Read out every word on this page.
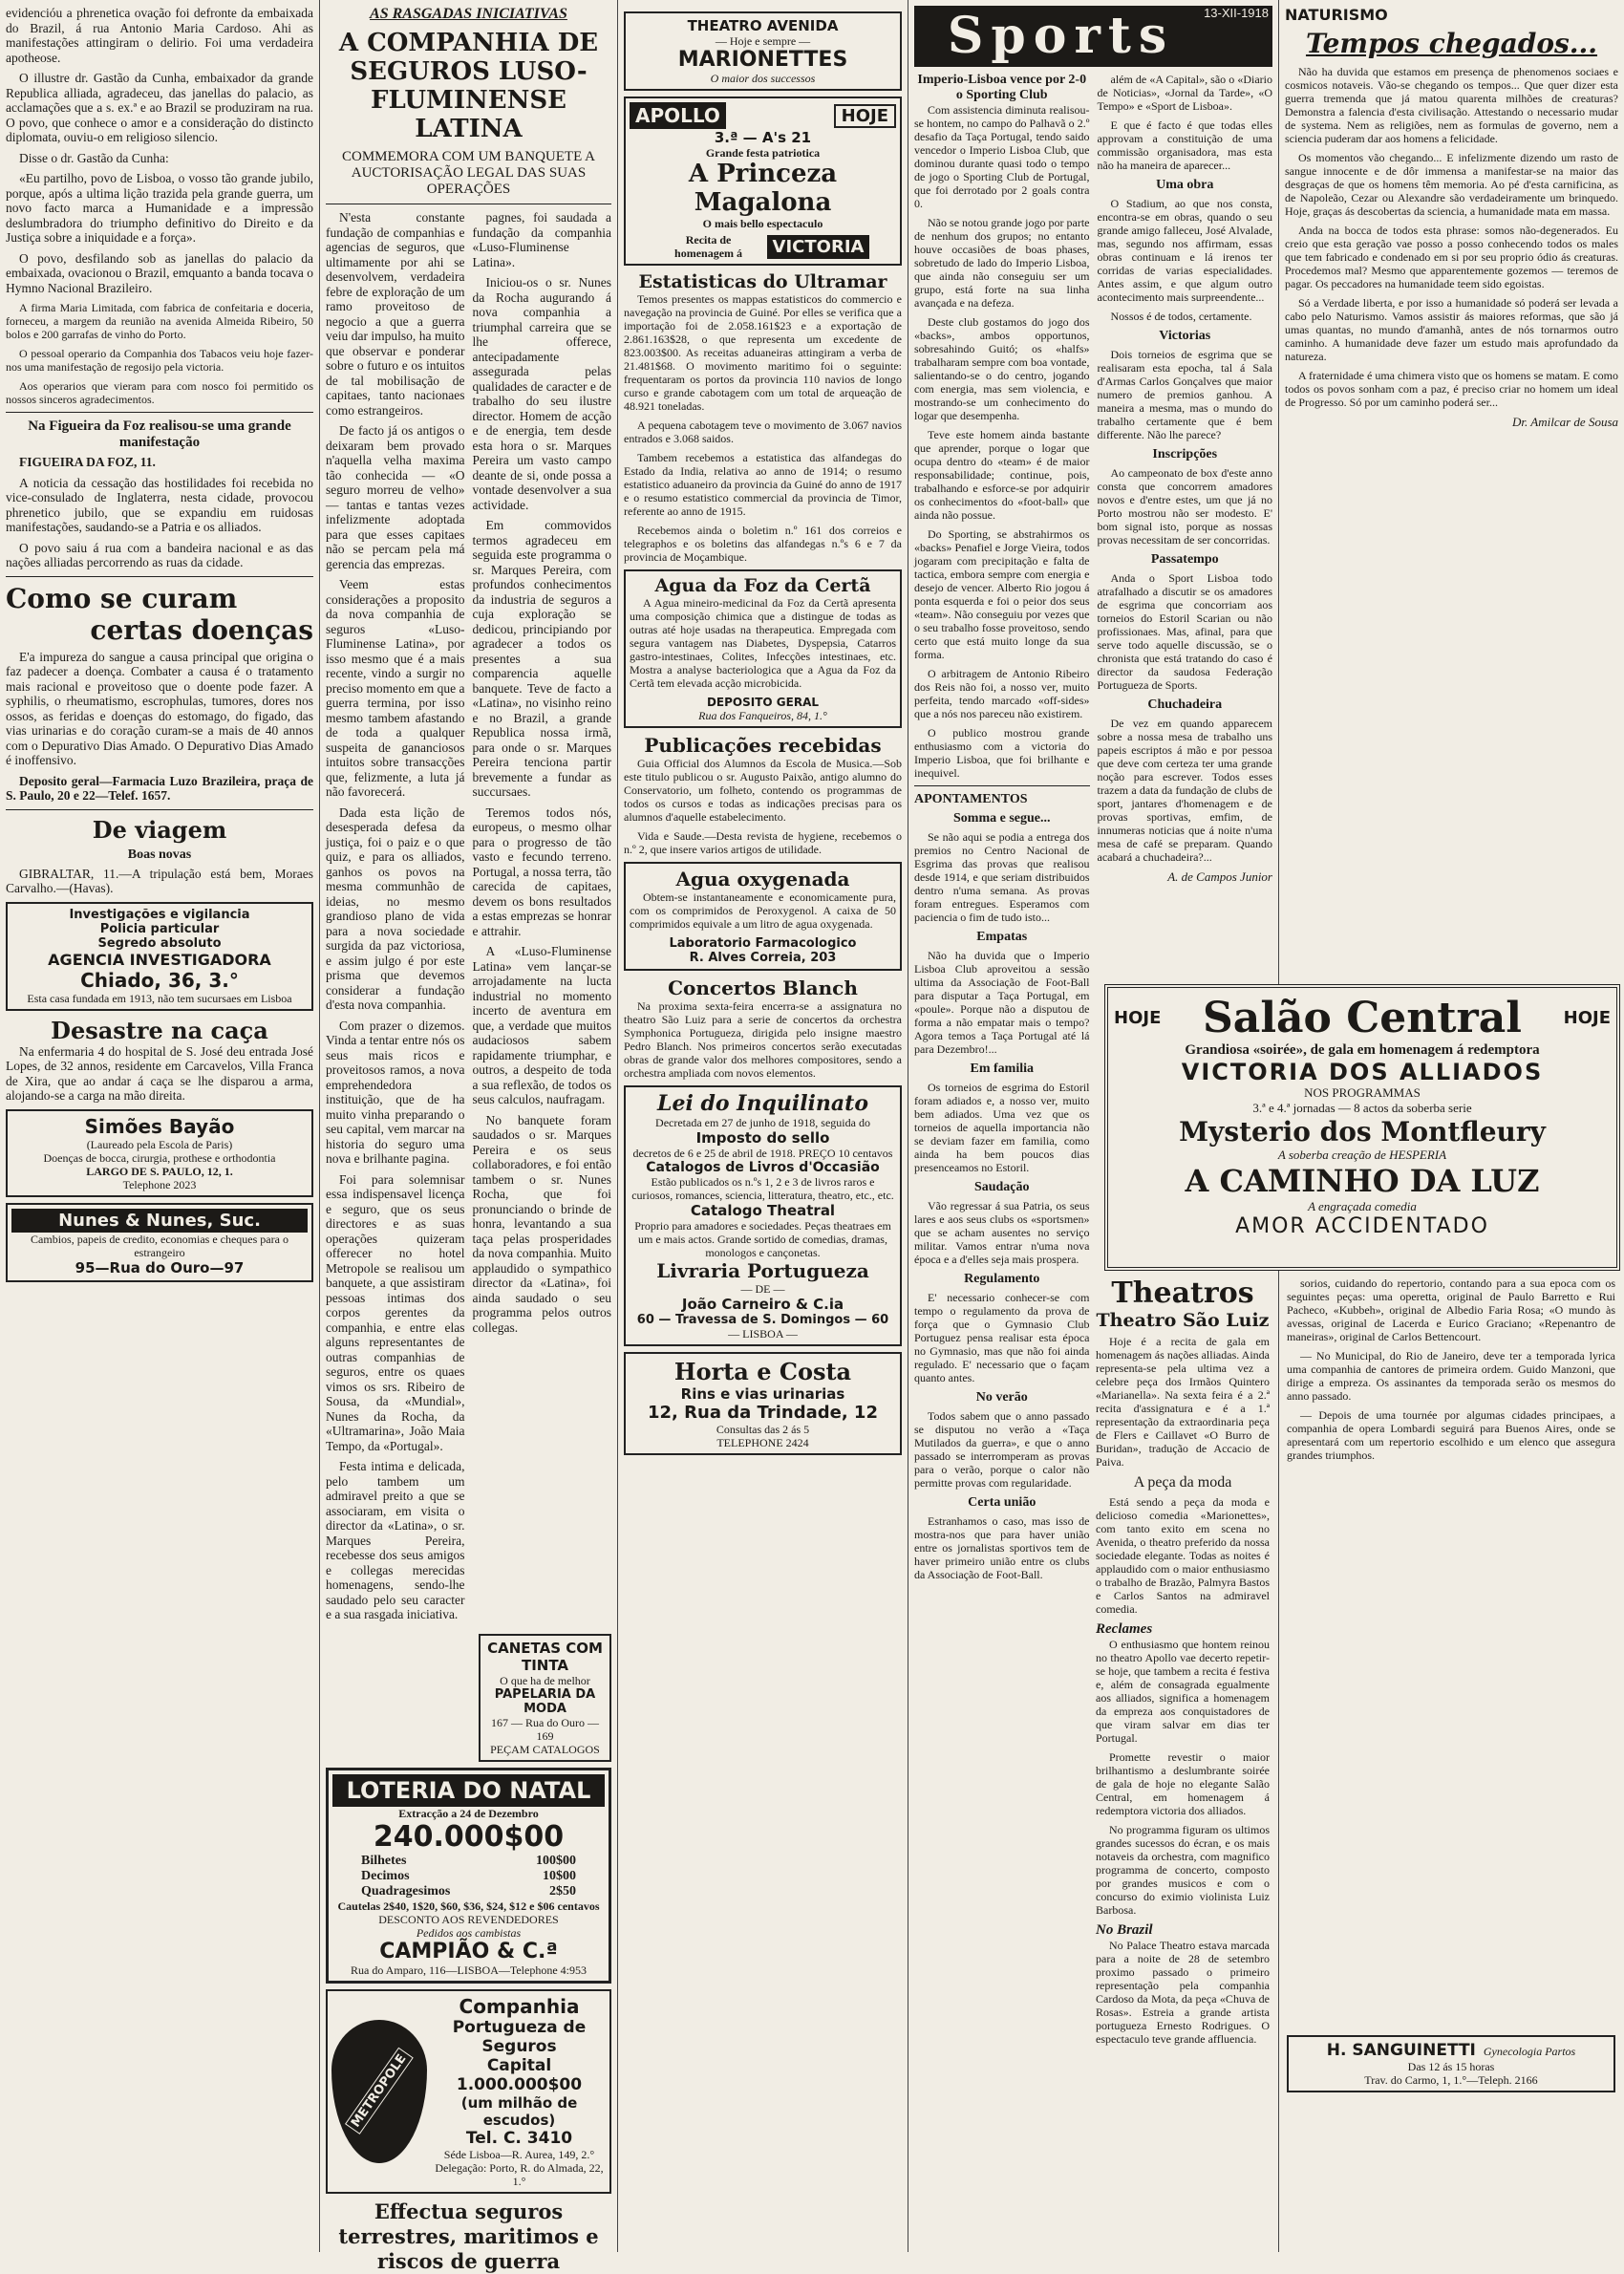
evidencióu a phrenetica ovação foi defronte da embaixada do Brazil, á rua Antonio Maria Cardoso. Ahi as manifestações attingiram o delirio. Foi uma verdadeira apotheose.

O illustre dr. Gastão da Cunha, embaixador da grande Republica alliada, agradeceu, das janellas do palacio, as acclamações que a s. ex.ª e ao Brazil se produziram na rua. O povo, que conhece o amor e a consideração do distincto diplomata, ouviu-o em religioso silencio.

Disse o dr. Gastão da Cunha:

«Eu partilho, povo de Lisboa, o vosso tão grande jubilo, porque, após a ultima lição trazida pela grande guerra, um novo facto marca a Humanidade e a impressão deslumbradora do triumpho definitivo do Direito e da Justiça sobre a iniquidade e a força».

O povo, desfilando sob as janellas do palacio da embaixada, ovacionou o Brazil, emquanto a banda tocava o Hymno Nacional Brazileiro.

A firma Maria Limitada, com fabrica de confeitaria e doceria, forneceu, a margem da reunião na avenida Almeida Ribeiro, 50 bolos e 200 garrafas de vinho do Porto.

O pessoal operario da Companhia dos Tabacos veiu hoje fazer-nos uma manifestação de regosijo pela victoria.

Aos operarios que vieram para com nosco foi permitido os nossos sinceros agradecimentos.

Na Figueira da Foz realisou-se uma grande manifestação

FIGUEIRA DA FOZ, 11.

A noticia da cessação das hostilidades foi recebida no vice-consulado de Inglaterra, nesta cidade, provocou phrenetico jubilo, que se expandiu em ruidosas manifestações, saudando-se a Patria e os alliados.

O povo saiu á rua com a bandeira nacional e as das nações alliadas percorrendo as ruas da cidade.

Como se curam
certas doenças

E'a impureza do sangue a causa principal que origina o faz padecer a doença. Combater a causa é o tratamento mais racional e proveitoso que o doente pode fazer. A syphilis, o rheumatismo, escrophulas, tumores, dores nos ossos, as feridas e doenças do estomago, do figado, das vias urinarias e do coração curam-se a mais de 40 annos com o Depurativo Dias Amado. O Depurativo Dias Amado é inoffensivo.

Deposito geral—Farmacia Luzo Brazileira, praça de S. Paulo, 20 e 22—Telef. 1657.

De viagem
Boas novas

GIBRALTAR, 11.—A tripulação está bem, Moraes Carvalho.—(Havas).

Investigações e vigilancia
Policia particular
Segredo absoluto
AGENCIA INVESTIGADORA
Chiado, 36, 3.°
Esta casa fundada em 1913, não tem sucursaes em Lisboa
Desastre na caça

Na enfermaria 4 do hospital de S. José deu entrada José Lopes, de 32 annos, residente em Carcavelos, Villa Franca de Xira, que ao andar á caça se lhe disparou a arma, alojando-se a carga na mão direita.

Simões Bayão
(Laureado pela Escola de Paris)
Doenças de bocca, cirurgia, prothese e orthodontia
LARGO DE S. PAULO, 12, 1.
Telephone 2023
Nunes & Nunes, Suc.
Cambios, papeis de credito, economias e cheques para o estrangeiro
95—Rua do Ouro—97
AS RASGADAS INICIATIVAS
A COMPANHIA DE SEGUROS LUSO-FLUMINENSE LATINA
COMMEMORA COM UM BANQUETE A AUCTORISAÇÃO LEGAL DAS SUAS OPERAÇÕES

N'esta constante fundação de companhias e agencias de seguros, que ultimamente por ahi se desenvolvem, verdadeira febre de exploração de um ramo proveitoso de negocio a que a guerra veiu dar impulso, ha muito que observar e ponderar sobre o futuro e os intuitos de tal mobilisação de capitaes, tanto nacionaes como estrangeiros.

De facto já os antigos o deixaram bem provado n'aquella velha maxima tão conhecida — «O seguro morreu de velho» — tantas e tantas vezes infelizmente adoptada para que esses capitaes não se percam pela má gerencia das emprezas.

Veem estas considerações a proposito da nova companhia de seguros «Luso-Fluminense Latina», por isso mesmo que é a mais recente, vindo a surgir no preciso momento em que a guerra termina, por isso mesmo tambem afastando de toda a qualquer suspeita de gananciosos intuitos sobre transacções que, felizmente, a luta já não favorecerá.

Dada esta lição de desesperada defesa da justiça, foi o paiz e o que quiz, e para os alliados, ganhos os povos na mesma communhão de ideias, no mesmo grandioso plano de vida para a nova sociedade surgida da paz victoriosa, e assim julgo é por este prisma que devemos considerar a fundação d'esta nova companhia.

Com prazer o dizemos. Vinda a tentar entre nós os seus mais ricos e proveitosos ramos, a nova emprehendedora instituição, que de ha muito vinha preparando o seu capital, vem marcar na historia do seguro uma nova e brilhante pagina.

Foi para solemnisar essa indispensavel licença e seguro, que os seus directores e as suas operações quizeram offerecer no hotel Metropole se realisou um banquete, a que assistiram pessoas intimas dos corpos gerentes da companhia, e entre elas alguns representantes de outras companhias de seguros, entre os quaes vimos os srs. Ribeiro de Sousa, da «Mundial», Nunes da Rocha, da «Ultramarina», João Maia Tempo, da «Portugal».

Festa intima e delicada, pelo tambem um admiravel preito a que se associaram, em visita o director da «Latina», o sr. Marques Pereira, recebesse dos seus amigos e collegas merecidas homenagens, sendo-lhe saudado pelo seu caracter e a sua rasgada iniciativa.

pagnes, foi saudada a fundação da companhia «Luso-Fluminense Latina».

Iniciou-os o sr. Nunes da Rocha augurando á nova companhia a triumphal carreira que se lhe offerece, antecipadamente assegurada pelas qualidades de caracter e de trabalho do seu ilustre director. Homem de acção e de energia, tem desde esta hora o sr. Marques Pereira um vasto campo deante de si, onde possa a vontade desenvolver a sua actividade.

Em commovidos termos agradeceu em seguida este programma o sr. Marques Pereira, com profundos conhecimentos da industria de seguros a cuja exploração se dedicou, principiando por agradecer a todos os presentes a sua comparencia aquelle banquete. Teve de facto a «Latina», no visinho reino e no Brazil, a grande Republica nossa irmã, para onde o sr. Marques Pereira tenciona partir brevemente a fundar as succursaes.

Teremos todos nós, europeus, o mesmo olhar para o progresso de tão vasto e fecundo terreno. Portugal, a nossa terra, tão carecida de capitaes, devem os bons resultados a estas emprezas se honrar e attrahir.

A «Luso-Fluminense Latina» vem lançar-se arrojadamente na lucta industrial no momento incerto de aventura em que, a verdade que muitos audaciosos sabem rapidamente triumphar, e outros, a despeito de toda a sua reflexão, de todos os seus calculos, naufragam.

No banquete foram saudados o sr. Marques Pereira e os seus collaboradores, e foi então tambem o sr. Nunes Rocha, que foi pronunciando o brinde de honra, levantando a sua taça pelas prosperidades da nova companhia. Muito applaudido o sympathico director da «Latina», foi ainda saudado o seu programma pelos outros collegas.

CANETAS COM TINTA
O que ha de melhor
PAPELARIA DA MODA
167 — Rua do Ouro — 169
PEÇAM CATALOGOS
LOTERIA DO NATAL
Extracção a 24 de Dezembro
240.000$00
Bilhetes	100$00
Decimos	10$00
Quadragesimos	2$50
Cautelas 2$40, 1$20, $60, $36, $24, $12 e $06 centavos
DESCONTO AOS REVENDEDORES
Pedidos aos cambistas
CAMPIÃO & C.ª
Rua do Amparo, 116—LISBOA—Telephone 4:953
METROPOLE
Companhia
Portugueza de Seguros
Capital 1.000.000$00
(um milhão de escudos)
Tel. C. 3410
Séde Lisboa—R. Aurea, 149, 2.°
Delegação: Porto, R. do Almada, 22, 1.°
Effectua seguros terrestres, maritimos e riscos de guerra
THEATRO AVENIDA
— Hoje e sempre —
MARIONETTES
O maior dos successos
APOLLO	HOJE
3.ª — A's 21
Grande festa patriotica
A Princeza Magalona
O mais bello espectaculo
Recita de homenagem á	VICTORIA
Estatisticas do Ultramar

Temos presentes os mappas estatisticos do commercio e navegação na provincia de Guiné. Por elles se verifica que a importação foi de 2.058.161$23 e a exportação de 2.861.163$28, o que representa um excedente de 823.003$00. As receitas aduaneiras attingiram a verba de 21.481$68. O movimento maritimo foi o seguinte: frequentaram os portos da provincia 110 navios de longo curso e grande cabotagem com um total de arqueação de 48.921 toneladas.

A pequena cabotagem teve o movimento de 3.067 navios entrados e 3.068 saidos.

Tambem recebemos a estatistica das alfandegas do Estado da India, relativa ao anno de 1914; o resumo estatistico aduaneiro da provincia da Guiné do anno de 1917 e o resumo estatistico commercial da provincia de Timor, referente ao anno de 1915.

Recebemos ainda o boletim n.º 161 dos correios e telegraphos e os boletins das alfandegas n.ºs 6 e 7 da provincia de Moçambique.

Agua da Foz da Certã

A Agua mineiro-medicinal da Foz da Certã apresenta uma composição chimica que a distingue de todas as outras até hoje usadas na therapeutica. Empregada com segura vantagem nas Diabetes, Dyspepsia, Catarros gastro-intestinaes, Colites, Infecções intestinaes, etc. Mostra a analyse bacteriologica que a Agua da Foz da Certã tem elevada acção microbicida.

DEPOSITO GERAL
Rua dos Fanqueiros, 84, 1.°
Publicações recebidas

Guia Official dos Alumnos da Escola de Musica.—Sob este titulo publicou o sr. Augusto Paixão, antigo alumno do Conservatorio, um folheto, contendo os programmas de todos os cursos e todas as indicações precisas para os alumnos d'aquelle estabelecimento.

Vida e Saude.—Desta revista de hygiene, recebemos o n.º 2, que insere varios artigos de utilidade.

Agua oxygenada

Obtem-se instantaneamente e economicamente pura, com os comprimidos de Peroxygenol. A caixa de 50 comprimidos equivale a um litro de agua oxygenada.

Laboratorio Farmacologico
R. Alves Correia, 203
Concertos Blanch

Na proxima sexta-feira encerra-se a assignatura no theatro São Luiz para a serie de concertos da orchestra Symphonica Portugueza, dirigida pelo insigne maestro Pedro Blanch. Nos primeiros concertos serão executadas obras de grande valor dos melhores compositores, sendo a orchestra ampliada com novos elementos.

Lei do Inquilinato
Decretada em 27 de junho de 1918, seguida do
Imposto do sello
decretos de 6 e 25 de abril de 1918. PREÇO 10 centavos
Catalogos de Livros d'Occasião
Estão publicados os n.ºs 1, 2 e 3 de livros raros e curiosos, romances, sciencia, litteratura, theatro, etc., etc.
Catalogo Theatral
Proprio para amadores e sociedades. Peças theatraes em um e mais actos. Grande sortido de comedias, dramas, monologos e cançonetas.
Livraria Portugueza
— DE —
João Carneiro & C.ia
60 — Travessa de S. Domingos — 60
— LISBOA —
Horta e Costa
Rins e vias urinarias
12, Rua da Trindade, 12
Consultas das 2 ás 5
TELEPHONE 2424
Sports 13-XII-1918
Imperio-Lisboa vence por 2-0 o Sporting Club

Com assistencia diminuta realisou-se hontem, no campo do Palhavã o 2.º desafio da Taça Portugal, tendo saido vencedor o Imperio Lisboa Club, que dominou durante quasi todo o tempo de jogo o Sporting Club de Portugal, que foi derrotado por 2 goals contra 0.

Não se notou grande jogo por parte de nenhum dos grupos; no entanto houve occasiões de boas phases, sobretudo de lado do Imperio Lisboa, que ainda não conseguiu ser um grupo, está forte na sua linha avançada e na defeza.

Deste club gostamos do jogo dos «backs», ambos opportunos, sobresahindo Guitó; os «halfs» trabalharam sempre com boa vontade, salientando-se o do centro, jogando com energia, mas sem violencia, e mostrando-se um conhecimento do logar que desempenha.

Teve este homem ainda bastante que aprender, porque o logar que ocupa dentro do «team» é de maior responsabilidade; continue, pois, trabalhando e esforce-se por adquirir os conhecimentos do «foot-ball» que ainda não possue.

Do Sporting, se abstrahirmos os «backs» Penafiel e Jorge Vieira, todos jogaram com precipitação e falta de tactica, embora sempre com energia e desejo de vencer. Alberto Rio jogou á ponta esquerda e foi o peior dos seus «team». Não conseguiu por vezes que o seu trabalho fosse proveitoso, sendo certo que está muito longe da sua forma.

O arbitragem de Antonio Ribeiro dos Reis não foi, a nosso ver, muito perfeita, tendo marcado «off-sides» que a nós nos pareceu não existirem.

O publico mostrou grande enthusiasmo com a victoria do Imperio Lisboa, que foi brilhante e inequivel.

APONTAMENTOS
Somma e segue...

Se não aqui se podia a entrega dos premios no Centro Nacional de Esgrima das provas que realisou desde 1914, e que seriam distribuidos dentro n'uma semana. As provas foram entregues. Esperamos com paciencia o fim de tudo isto...

Empatas

Não ha duvida que o Imperio Lisboa Club aproveitou a sessão ultima da Associação de Foot-Ball para disputar a Taça Portugal, em «poule». Porque não a disputou de forma a não empatar mais o tempo? Agora temos a Taça Portugal até lá para Dezembro!...

Em familia

Os torneios de esgrima do Estoril foram adiados e, a nosso ver, muito bem adiados. Uma vez que os torneios de aquella importancia não se deviam fazer em familia, como ainda ha bem poucos dias presenceamos no Estoril.

Saudação

Vão regressar á sua Patria, os seus lares e aos seus clubs os «sportsmen» que se acham ausentes no serviço militar. Vamos entrar n'uma nova época e a d'elles seja mais prospera.

Regulamento

E' necessario conhecer-se com tempo o regulamento da prova de força que o Gymnasio Club Portuguez pensa realisar esta época no Gymnasio, mas que não foi ainda regulado. E' necessario que o façam quanto antes.

No verão

Todos sabem que o anno passado se disputou no verão a «Taça Mutilados da guerra», e que o anno passado se interromperam as provas para o verão, porque o calor não permitte provas com regularidade.

Certa união

Estranhamos o caso, mas isso de mostra-nos que para haver união entre os jornalistas sportivos tem de haver primeiro união entre os clubs da Associação de Foot-Ball.

além de «A Capital», são o «Diario de Noticias», «Jornal da Tarde», «O Tempo» e «Sport de Lisboa».

E que é facto é que todas elles approvam a constituição de uma commissão organisadora, mas esta não ha maneira de aparecer...

Uma obra

O Stadium, ao que nos consta, encontra-se em obras, quando o seu grande amigo falleceu, José Alvalade, mas, segundo nos affirmam, essas obras continuam e lá irenos ter corridas de varias especialidades. Antes assim, e que algum outro acontecimento mais surpreendente...

Nossos é de todos, certamente.

Victorias

Dois torneios de esgrima que se realisaram esta epocha, tal á Sala d'Armas Carlos Gonçalves que maior numero de premios ganhou. A maneira a mesma, mas o mundo do trabalho certamente que é bem differente. Não lhe parece?

Inscripções

Ao campeonato de box d'este anno consta que concorrem amadores novos e d'entre estes, um que já no Porto mostrou não ser modesto. E' bom signal isto, porque as nossas provas necessitam de ser concorridas.

Passatempo

Anda o Sport Lisboa todo atrafalhado a discutir se os amadores de esgrima que concorriam aos torneios do Estoril Scarian ou não profissionaes. Mas, afinal, para que serve todo aquelle discussão, se o chronista que está tratando do caso é director da saudosa Federação Portugueza de Sports.

Chuchadeira

De vez em quando apparecem sobre a nossa mesa de trabalho uns papeis escriptos á mão e por pessoa que deve com certeza ter uma grande noção para escrever. Todos esses trazem a data da fundação de clubs de sport, jantares d'homenagem e de provas sportivas, emfim, de innumeras noticias que á noite n'uma mesa de café se preparam. Quando acabará a chuchadeira?...

A. de Campos Junior
NATURISMO
Tempos chegados...

Não ha duvida que estamos em presença de phenomenos sociaes e cosmicos notaveis. Vão-se chegando os tempos... Que quer dizer esta guerra tremenda que já matou quarenta milhões de creaturas? Demonstra a falencia d'esta civilisação. Attestando o necessario mudar de systema. Nem as religiões, nem as formulas de governo, nem a sciencia puderam dar aos homens a felicidade.

Os momentos vão chegando... E infelizmente dizendo um rasto de sangue innocente e de dôr immensa a manifestar-se na maior das desgraças de que os homens têm memoria. Ao pé d'esta carnificina, as de Napoleão, Cezar ou Alexandre são verdadeiramente um brinquedo. Hoje, graças ás descobertas da sciencia, a humanidade mata em massa.

Anda na bocca de todos esta phrase: somos não-degenerados. Eu creio que esta geração vae posso a posso conhecendo todos os males que tem fabricado e condenado em si por seu proprio ódio ás creaturas. Procedemos mal? Mesmo que apparentemente gozemos — teremos de pagar. Os peccadores na humanidade teem sido egoistas.

Só a Verdade liberta, e por isso a humanidade só poderá ser levada a cabo pelo Naturismo. Vamos assistir ás maiores reformas, que são já umas quantas, no mundo d'amanhã, antes de nós tornarmos outro caminho. A humanidade deve fazer um estudo mais aprofundado da natureza.

A fraternidade é uma chimera visto que os homens se matam. E como todos os povos sonham com a paz, é preciso criar no homem um ideal de Progresso. Só por um caminho poderá ser...

Dr. Amilcar de Sousa
HOJE Salão Central HOJE
Grandiosa «soirée», de gala em homenagem á redemptora
VICTORIA DOS ALLIADOS
NOS PROGRAMMAS
3.ª e 4.ª jornadas — 8 actos da soberba serie
Mysterio dos Montfleury
A soberba creação de HESPERIA
A CAMINHO DA LUZ
A engraçada comedia
AMOR ACCIDENTADO
Theatros
Theatro São Luiz

Hoje é a recita de gala em homenagem ás nações alliadas. Ainda representa-se pela ultima vez a celebre peça dos Irmãos Quintero «Marianella». Na sexta feira é a 2.ª recita d'assignatura e é a 1.ª representação da extraordinaria peça de Flers e Caillavet «O Burro de Buridan», tradução de Accacio de Paiva.

A peça da moda

Está sendo a peça da moda e delicioso comedia «Marionettes», com tanto exito em scena no Avenida, o theatro preferido da nossa sociedade elegante. Todas as noites é applaudido com o maior enthusiasmo o trabalho de Brazão, Palmyra Bastos e Carlos Santos na admiravel comedia.

Reclames

O enthusiasmo que hontem reinou no theatro Apollo vae decerto repetir-se hoje, que tambem a recita é festiva e, além de consagrada egualmente aos alliados, significa a homenagem da empreza aos conquistadores de que viram salvar em dias ter Portugal.

Promette revestir o maior brilhantismo a deslumbrante soirée de gala de hoje no elegante Salão Central, em homenagem á redemptora victoria dos alliados.

No programma figuram os ultimos grandes sucessos do écran, e os mais notaveis da orchestra, com magnifico programma de concerto, composto por grandes musicos e com o concurso do eximio violinista Luiz Barbosa.

No Brazil

No Palace Theatro estava marcada para a noite de 28 de setembro proximo passado o primeiro representação pela companhia Cardoso da Mota, da peça «Chuva de Rosas». Estreia a grande artista portugueza Ernesto Rodrigues. O espectaculo teve grande affluencia.

sorios, cuidando do repertorio, contando para a sua epoca com os seguintes peças: uma operetta, original de Paulo Barretto e Rui Pacheco, «Kubbeh», original de Albedio Faria Rosa; «O mundo às avessas, original de Lacerda e Eurico Graciano; «Repenantro de maneiras», original de Carlos Bettencourt.

— No Municipal, do Rio de Janeiro, deve ter a temporada lyrica uma companhia de cantores de primeira ordem. Guido Manzoni, que dirige a empreza. Os assinantes da temporada serão os mesmos do anno passado.

— Depois de uma tournée por algumas cidades principaes, a companhia de opera Lombardi seguirá para Buenos Aires, onde se apresentará com um repertorio escolhido e um elenco que assegura grandes triumphos.

H. SANGUINETTI Gynecologia Partos
Das 12 ás 15 horas
Trav. do Carmo, 1, 1.°—Teleph. 2166
